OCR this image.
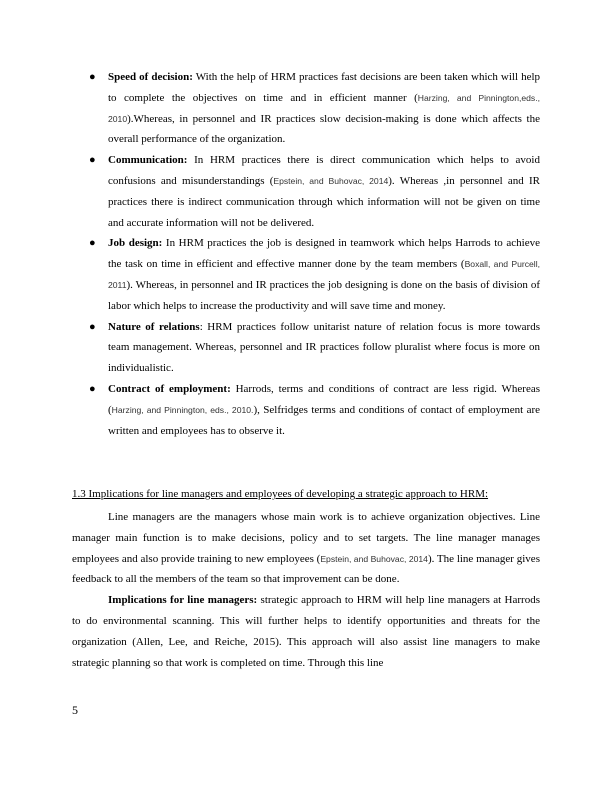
● Speed of decision: With the help of HRM practices fast decisions are been taken which will help to complete the objectives on time and in efficient manner (Harzing, and Pinnington,eds., 2010).Whereas, in personnel and IR practices slow decision-making is done which affects the overall performance of the organization.
● Communication: In HRM practices there is direct communication which helps to avoid confusions and misunderstandings (Epstein, and Buhovac, 2014). Whereas ,in personnel and IR practices there is indirect communication through which information will not be given on time and accurate information will not be delivered.
● Job design: In HRM practices the job is designed in teamwork which helps Harrods to achieve the task on time in efficient and effective manner done by the team members (Boxall, and Purcell, 2011). Whereas, in personnel and IR practices the job designing is done on the basis of division of labor which helps to increase the productivity and will save time and money.
● Nature of relations: HRM practices follow unitarist nature of relation focus is more towards team management. Whereas, personnel and IR practices follow pluralist where focus is more on individualistic.
● Contract of employment: Harrods, terms and conditions of contract are less rigid. Whereas (Harzing, and Pinnington, eds., 2010.), Selfridges terms and conditions of contact of employment are written and employees has to observe it.
1.3 Implications for line managers and employees of developing a strategic approach to HRM:

Line managers are the managers whose main work is to achieve organization objectives. Line manager main function is to make decisions, policy and to set targets. The line manager manages employees and also provide training to new employees (Epstein, and Buhovac, 2014). The line manager gives feedback to all the members of the team so that improvement can be done.

Implications for line managers: strategic approach to HRM will help line managers at Harrods to do environmental scanning. This will further helps to identify opportunities and threats for the organization (Allen, Lee, and Reiche, 2015). This approach will also assist line managers to make strategic planning so that work is completed on time. Through this line

5
